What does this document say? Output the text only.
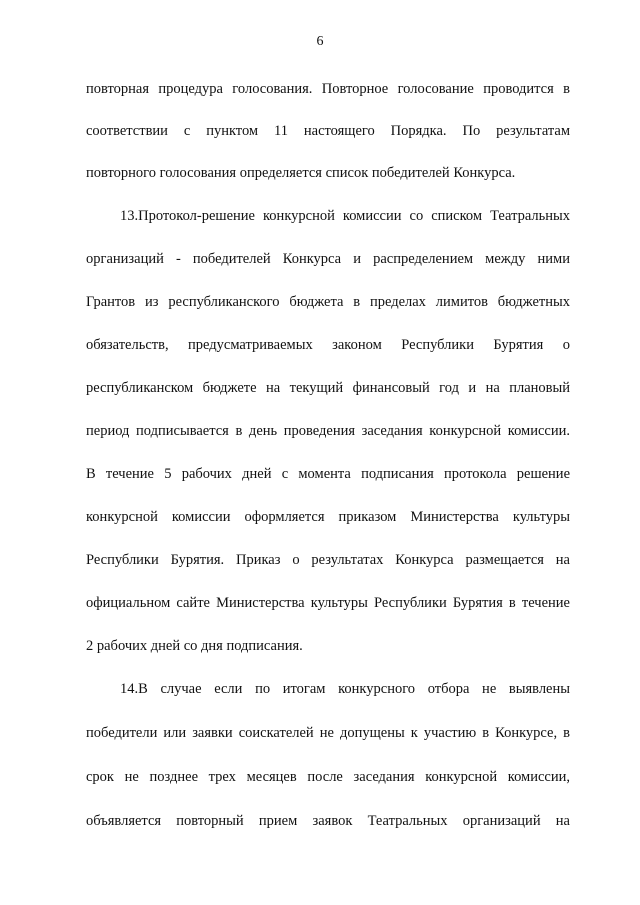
6
повторная процедура голосования. Повторное голосование проводится в
соответствии с пунктом 11 настоящего Порядка. По результатам
повторного голосования определяется список победителей Конкурса.
13.Протокол-решение конкурсной комиссии со списком Театральных
организаций - победителей Конкурса и распределением между ними
Грантов из республиканского бюджета в пределах лимитов бюджетных
обязательств, предусматриваемых законом Республики Бурятия о
республиканском бюджете на текущий финансовый год и на плановый
период подписывается в день проведения заседания конкурсной комиссии.
В течение 5 рабочих дней с момента подписания протокола решение
конкурсной комиссии оформляется приказом Министерства культуры
Республики Бурятия. Приказ о результатах Конкурса размещается на
официальном сайте Министерства культуры Республики Бурятия в течение
2 рабочих дней со дня подписания.
14.В случае если по итогам конкурсного отбора не выявлены
победители или заявки соискателей не допущены к участию в Конкурсе, в
срок не позднее трех месяцев после заседания конкурсной комиссии,
объявляется повторный прием заявок Театральных организаций на
